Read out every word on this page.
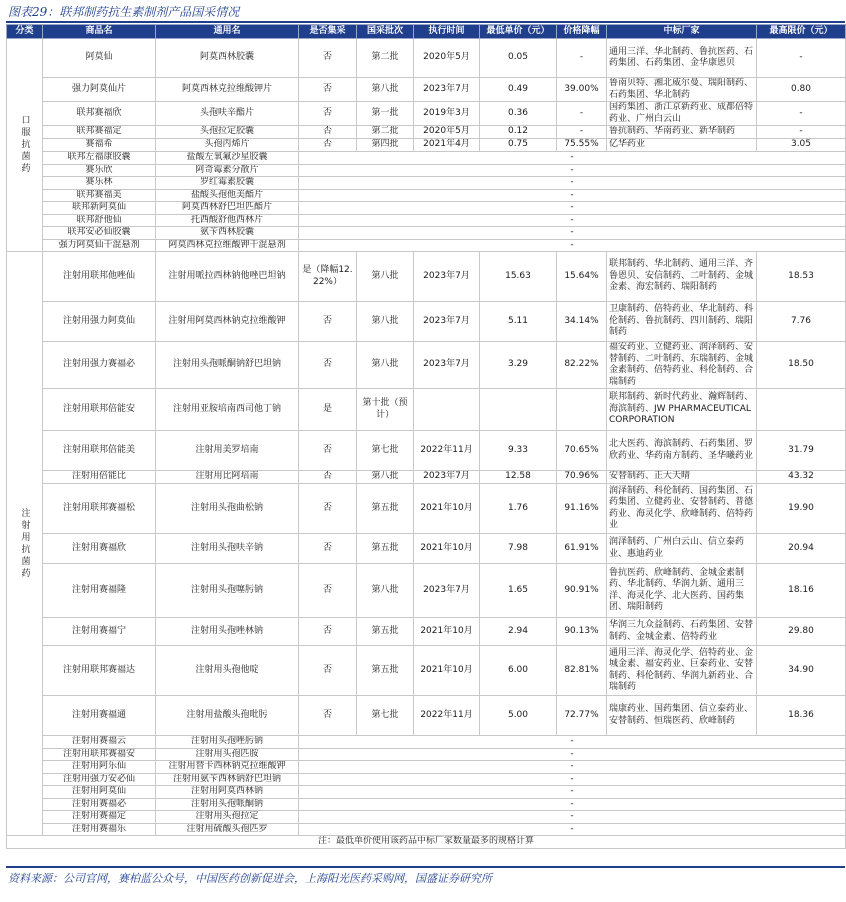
图表29：联邦制药抗生素制剂产品国采情况
分类	商品名	通用名	是否集采	国采批次	执行时间	最低单价（元）	价格降幅	中标厂家	最高限价（元）
口服抗菌药	阿莫仙	阿莫西林胶囊	否	第二批	2020年5月	0.05	-	通用三洋、华北制药、鲁抗医药、石药集团、石药集团、金华康恩贝	-
	强力阿莫仙片	阿莫西林克拉维酸钾片	否	第八批	2023年7月	0.49	39.00%	鲁南贝特、湘北威尔曼、瑞阳制药、石药集团、华北制药	0.80
	联邦赛福欣	头孢呋辛酯片	否	第一批	2019年3月	0.36	-	国药集团、浙江京新药业、成都倍特药业、广州白云山	-
	联邦赛福定	头孢拉定胶囊	否	第二批	2020年5月	0.12	-	鲁抗制药、华南药业、新华制药	-
	赛福希	头孢丙烯片	否	第四批	2021年4月	0.75	75.55%	亿华药业	3.05
	联邦左福康胶囊	盐酸左氧氟沙星胶囊	-						
	赛乐欣	阿奇霉素分散片	-						
	赛乐林	罗红霉素胶囊	-						
	联邦赛福美	盐酸头孢他美酯片	-						
	联邦新阿莫仙	阿莫西林舒巴坦匹酯片	-						
	联邦舒他仙	托西酸舒他西林片	-						
	联邦安必仙胶囊	氨苄西林胶囊	-						
	强力阿莫仙干混悬剂	阿莫西林克拉维酸钾干混悬剂	-						
注射用抗菌药	注射用联邦他唑仙	注射用哌拉西林钠他唑巴坦钠	是（降幅12.22%）	第八批	2023年7月	15.63	15.64%	联邦制药、华北制药、通用三洋、齐鲁恩贝、安信制药、二叶制药、金城金素、海宏制药、瑞阳制药	18.53
	注射用强力阿莫仙	注射用阿莫西林钠克拉维酸钾	否	第八批	2023年7月	5.11	34.14%	卫康制药、倍特药业、华北制药、科伦制药、鲁抗制药、四川制药、瑞阳制药	7.76
	注射用强力赛福必	注射用头孢哌酮钠舒巴坦钠	否	第八批	2023年7月	3.29	82.22%	福安药业、立健药业、润泽制药、安替制药、二叶制药、东瑞制药、金城金素制药、倍特药业、科伦制药、合瑞制药	18.50
	注射用联邦倍能安	注射用亚胺培南西司他丁钠	是	第十批（预计）				联邦制药、新时代药业、瀚辉制药、海滨制药、JW PHARMACEUTICAL CORPORATION	
	注射用联邦倍能美	注射用美罗培南	否	第七批	2022年11月	9.33	70.65%	北大医药、海滨制药、石药集团、罗欣药业、华药南方制药、圣华曦药业	31.79
	注射用倍能比	注射用比阿培南	否	第八批	2023年7月	12.58	70.96%	安替制药、正大天晴	43.32
	注射用联邦赛福松	注射用头孢曲松钠	否	第五批	2021年10月	1.76	91.16%	润泽制药、科伦制药、国药集团、石药集团、立健药业、安替制药、普德药业、海灵化学、欣峰制药、倍特药业	19.90
	注射用赛福欣	注射用头孢呋辛钠	否	第五批	2021年10月	7.98	61.91%	润泽制药、广州白云山、信立泰药业、惠迪药业	20.94
	注射用赛福隆	注射用头孢噻肟钠	否	第八批	2023年7月	1.65	90.91%	鲁抗医药、欣峰制药、金城金素制药、华北制药、华润九新、通用三洋、海灵化学、北大医药、国药集团、瑞阳制药	18.16
	注射用赛福宁	注射用头孢唑林钠	否	第五批	2021年10月	2.94	90.13%	华润三九众益制药、石药集团、安替制药、金城金素、倍特药业	29.80
	注射用联邦赛福达	注射用头孢他啶	否	第五批	2021年10月	6.00	82.81%	通用三洋、海灵化学、倍特药业、金城金素、福安药业、巨泰药业、安替制药、科伦制药、华润九新药业、合瑞制药	34.90
	注射用赛福通	注射用盐酸头孢吡肟	否	第七批	2022年11月	5.00	72.77%	瑞康药业、国药集团、信立泰药业、安替制药、恒瑞医药、欣峰制药	18.36
	注射用赛福云	注射用头孢唑肟钠	-						
	注射用联邦赛福安	注射用头孢匹胺	-						
	注射用阿乐仙	注射用替卡西林钠克拉维酸钾	-						
	注射用强力安必仙	注射用氨苄西林钠舒巴坦钠	-						
	注射用阿莫仙	注射用阿莫西林钠	-						
	注射用赛福必	注射用头孢哌酮钠	-						
	注射用赛福定	注射用头孢拉定	-						
	注射用赛福乐	注射用硫酸头孢匹罗	-						
注：最低单价使用该药品中标厂家数量最多的规格计算									
资料来源：公司官网，赛柏蓝公众号，中国医药创新促进会，上海阳光医药采购网，国盛证券研究所
